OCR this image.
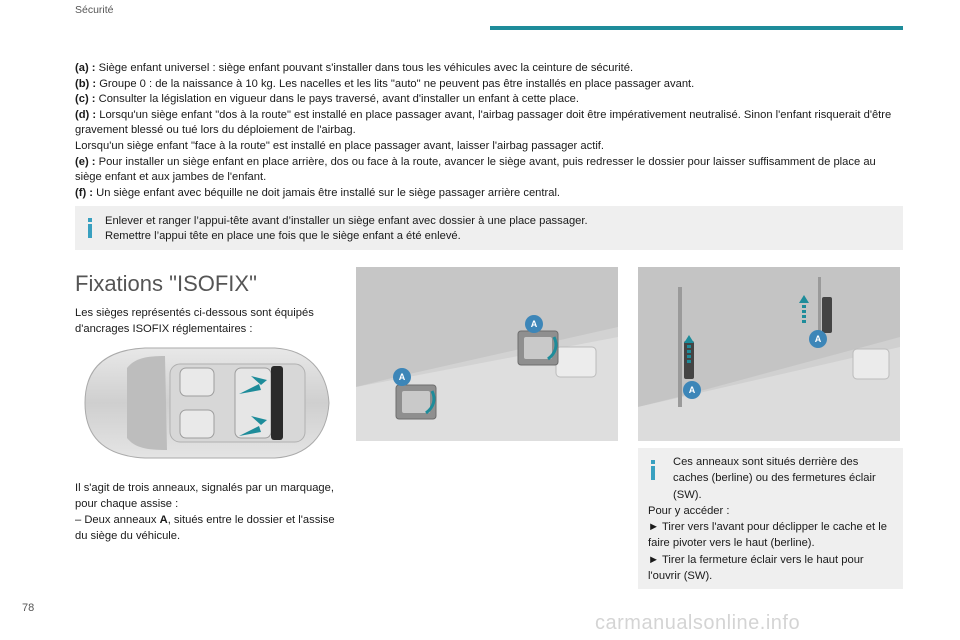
Sécurité

(a) : Siège enfant universel : siège enfant pouvant s'installer dans tous les véhicules avec la ceinture de sécurité.

(b) : Groupe 0 : de la naissance à 10 kg. Les nacelles et les lits "auto" ne peuvent pas être installés en place passager avant.

(c) : Consulter la législation en vigueur dans le pays traversé, avant d'installer un enfant à cette place.

(d) : Lorsqu'un siège enfant "dos à la route" est installé en place passager avant, l'airbag passager doit être impérativement neutralisé. Sinon l'enfant risquerait d'être gravement blessé ou tué lors du déploiement de l'airbag.

Lorsqu'un siège enfant "face à la route" est installé en place passager avant, laisser l'airbag passager actif.

(e) : Pour installer un siège enfant en place arrière, dos ou face à la route, avancer le siège avant, puis redresser le dossier pour laisser suffisamment de place au siège enfant et aux jambes de l'enfant.

(f) : Un siège enfant avec béquille ne doit jamais être installé sur le siège passager arrière central.

Enlever et ranger l’appui-tête avant d’installer un siège enfant avec dossier à une place passager.
Remettre l’appui tête en place une fois que le siège enfant a été enlevé.
Fixations "ISOFIX"

Les sièges représentés ci-dessous sont équipés d'ancrages ISOFIX réglementaires :

Il s'agit de trois anneaux, signalés par un marquage, pour chaque assise :

– Deux anneaux A, situés entre le dossier et l'assise du siège du véhicule.

A
A
A
A

Ces anneaux sont situés derrière des caches (berline) ou des fermetures éclair (SW).

Pour y accéder :

► Tirer vers l'avant pour déclipper le cache et le faire pivoter vers le haut (berline).

► Tirer la fermeture éclair vers le haut pour l'ouvrir (SW).

78
carmanualsonline.info
